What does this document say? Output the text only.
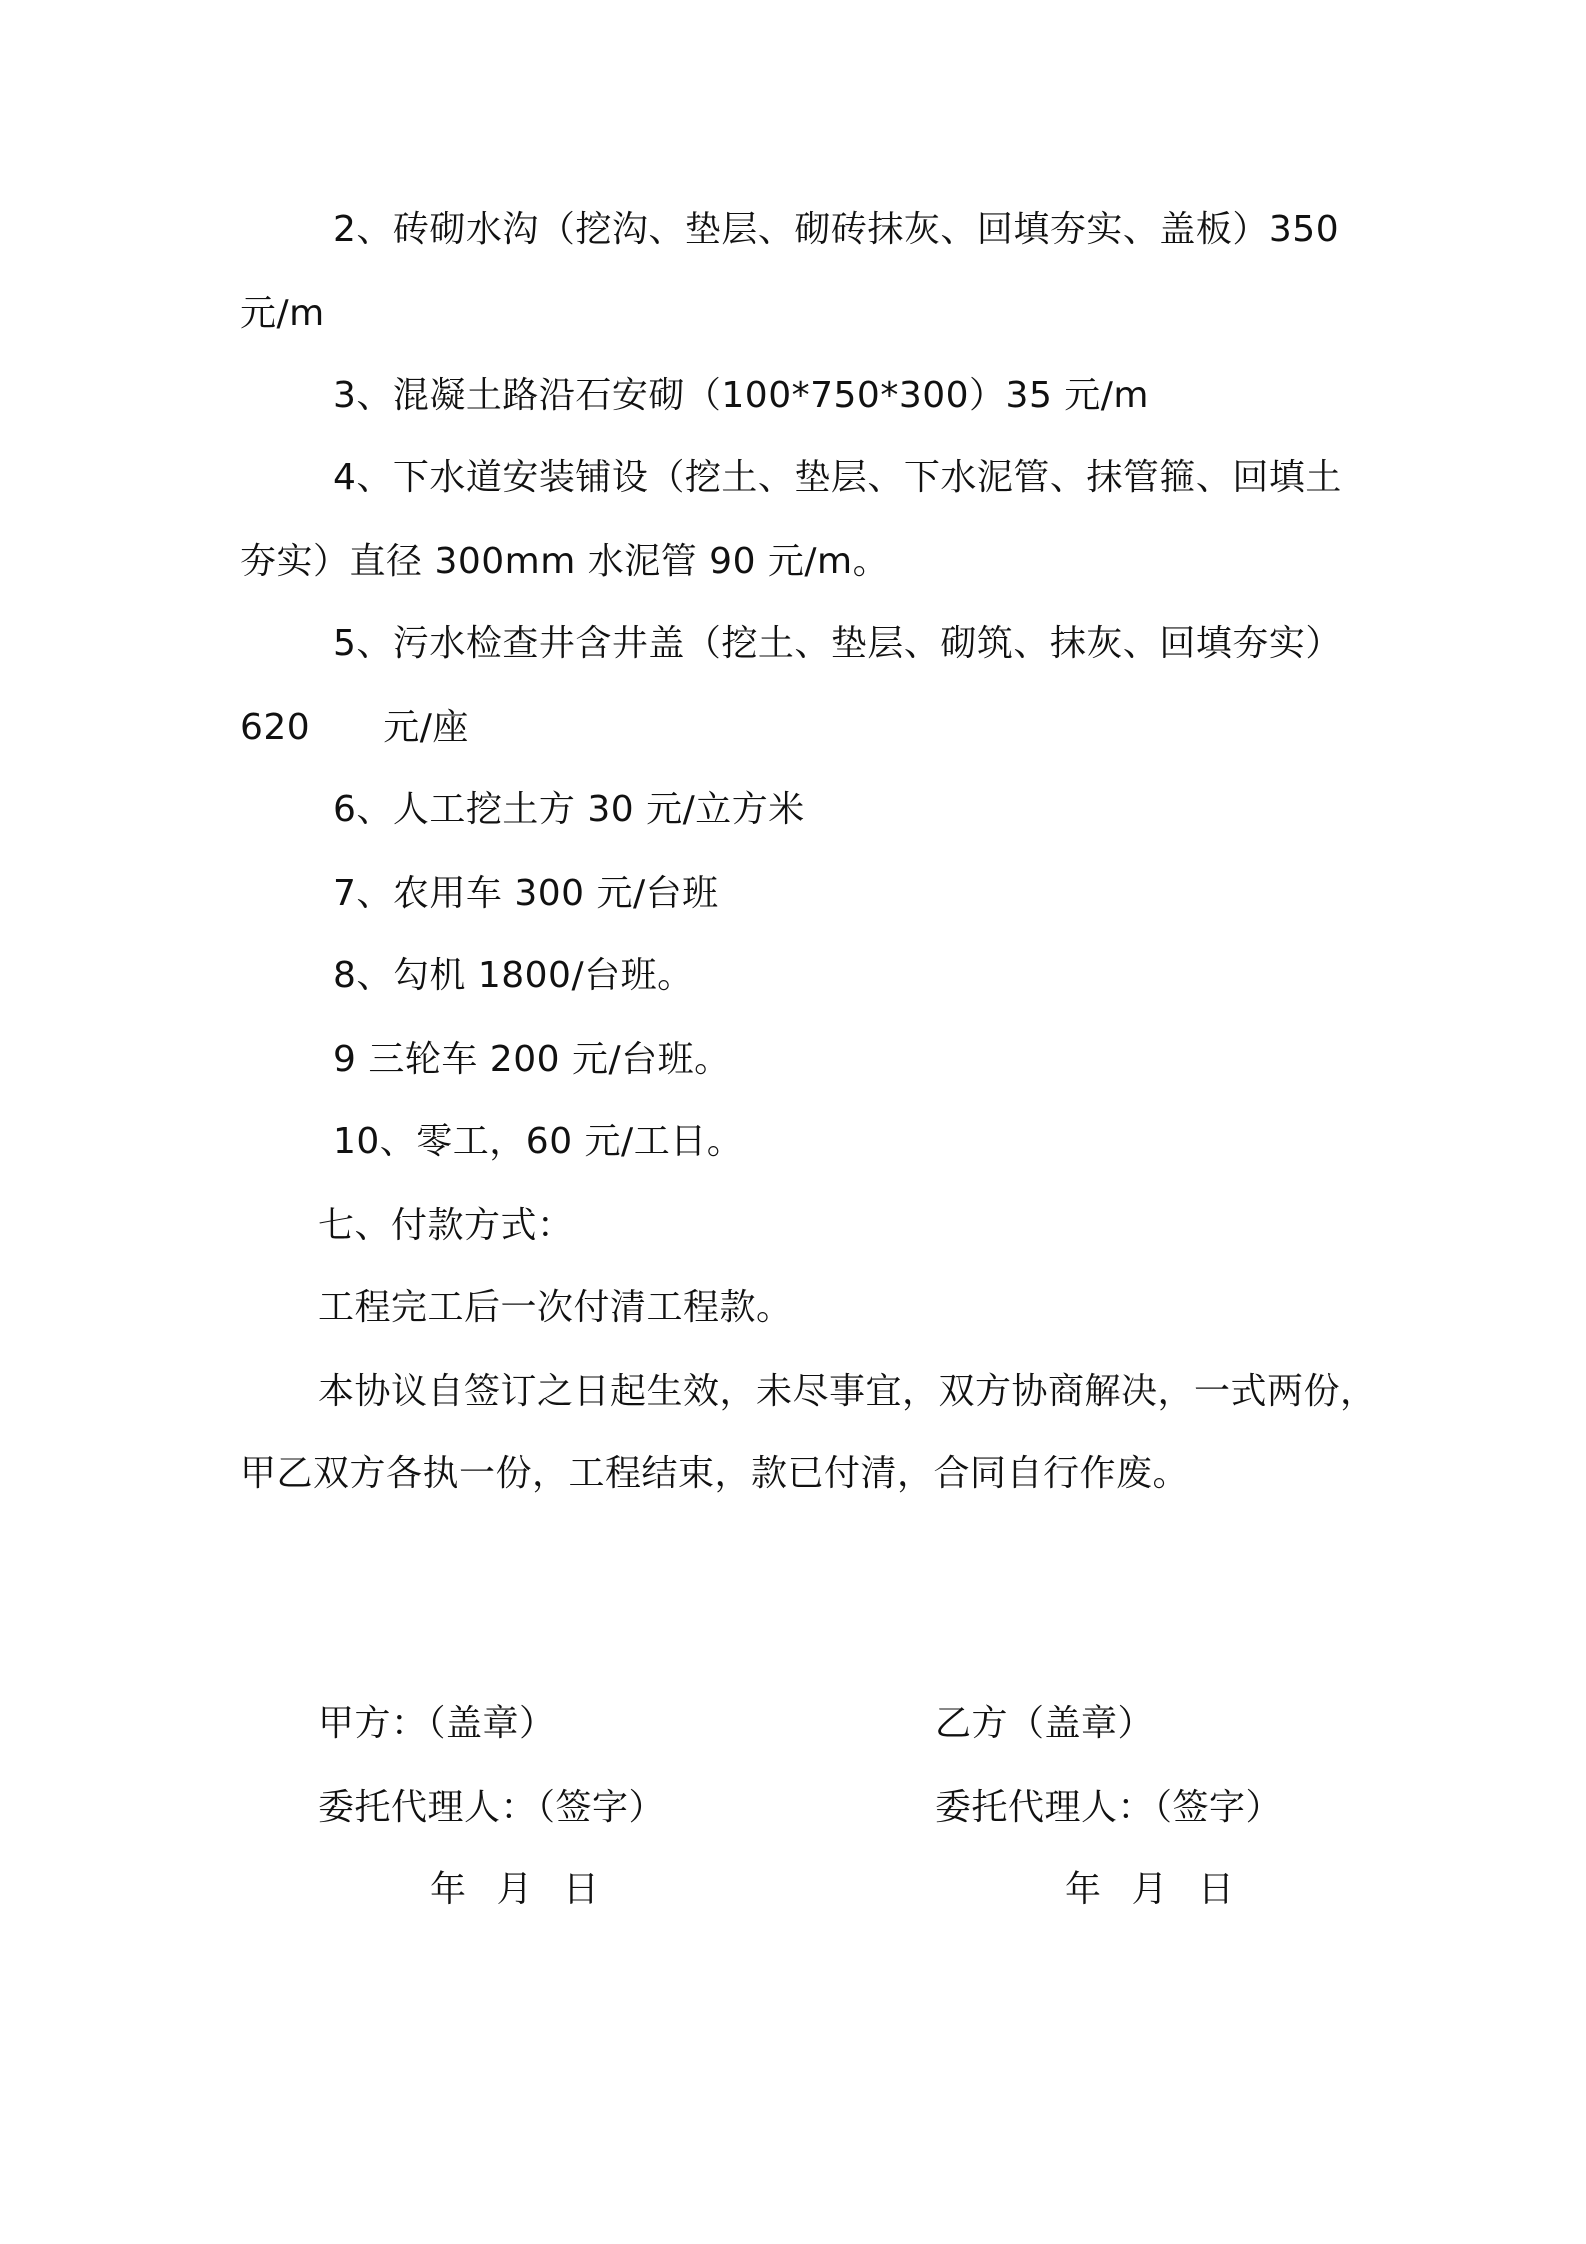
2、砖砌水沟（挖沟、垫层、砌砖抹灰、回填夯实、盖板）350
元/m
3、混凝土路沿石安砌（100*750*300）35 元/m
4、下水道安装铺设（挖土、垫层、下水泥管、抹管箍、回填土
夯实）直径 300mm 水泥管 90 元/m。
5、污水检查井含井盖（挖土、垫层、砌筑、抹灰、回填夯实）
620　　元/座
6、人工挖土方 30 元/立方米
7、农用车 300 元/台班
8、勾机 1800/台班。
9 三轮车 200 元/台班。
10、零工，60 元/工日。
七、付款方式：
工程完工后一次付清工程款。
本协议自签订之日起生效，未尽事宜，双方协商解决，一式两份，
甲乙双方各执一份，工程结束，款已付清，合同自行作废。
甲方：（盖章）	乙方（盖章）
委托代理人：（签字）	委托代理人：（签字）
年 月 日	年 月 日
